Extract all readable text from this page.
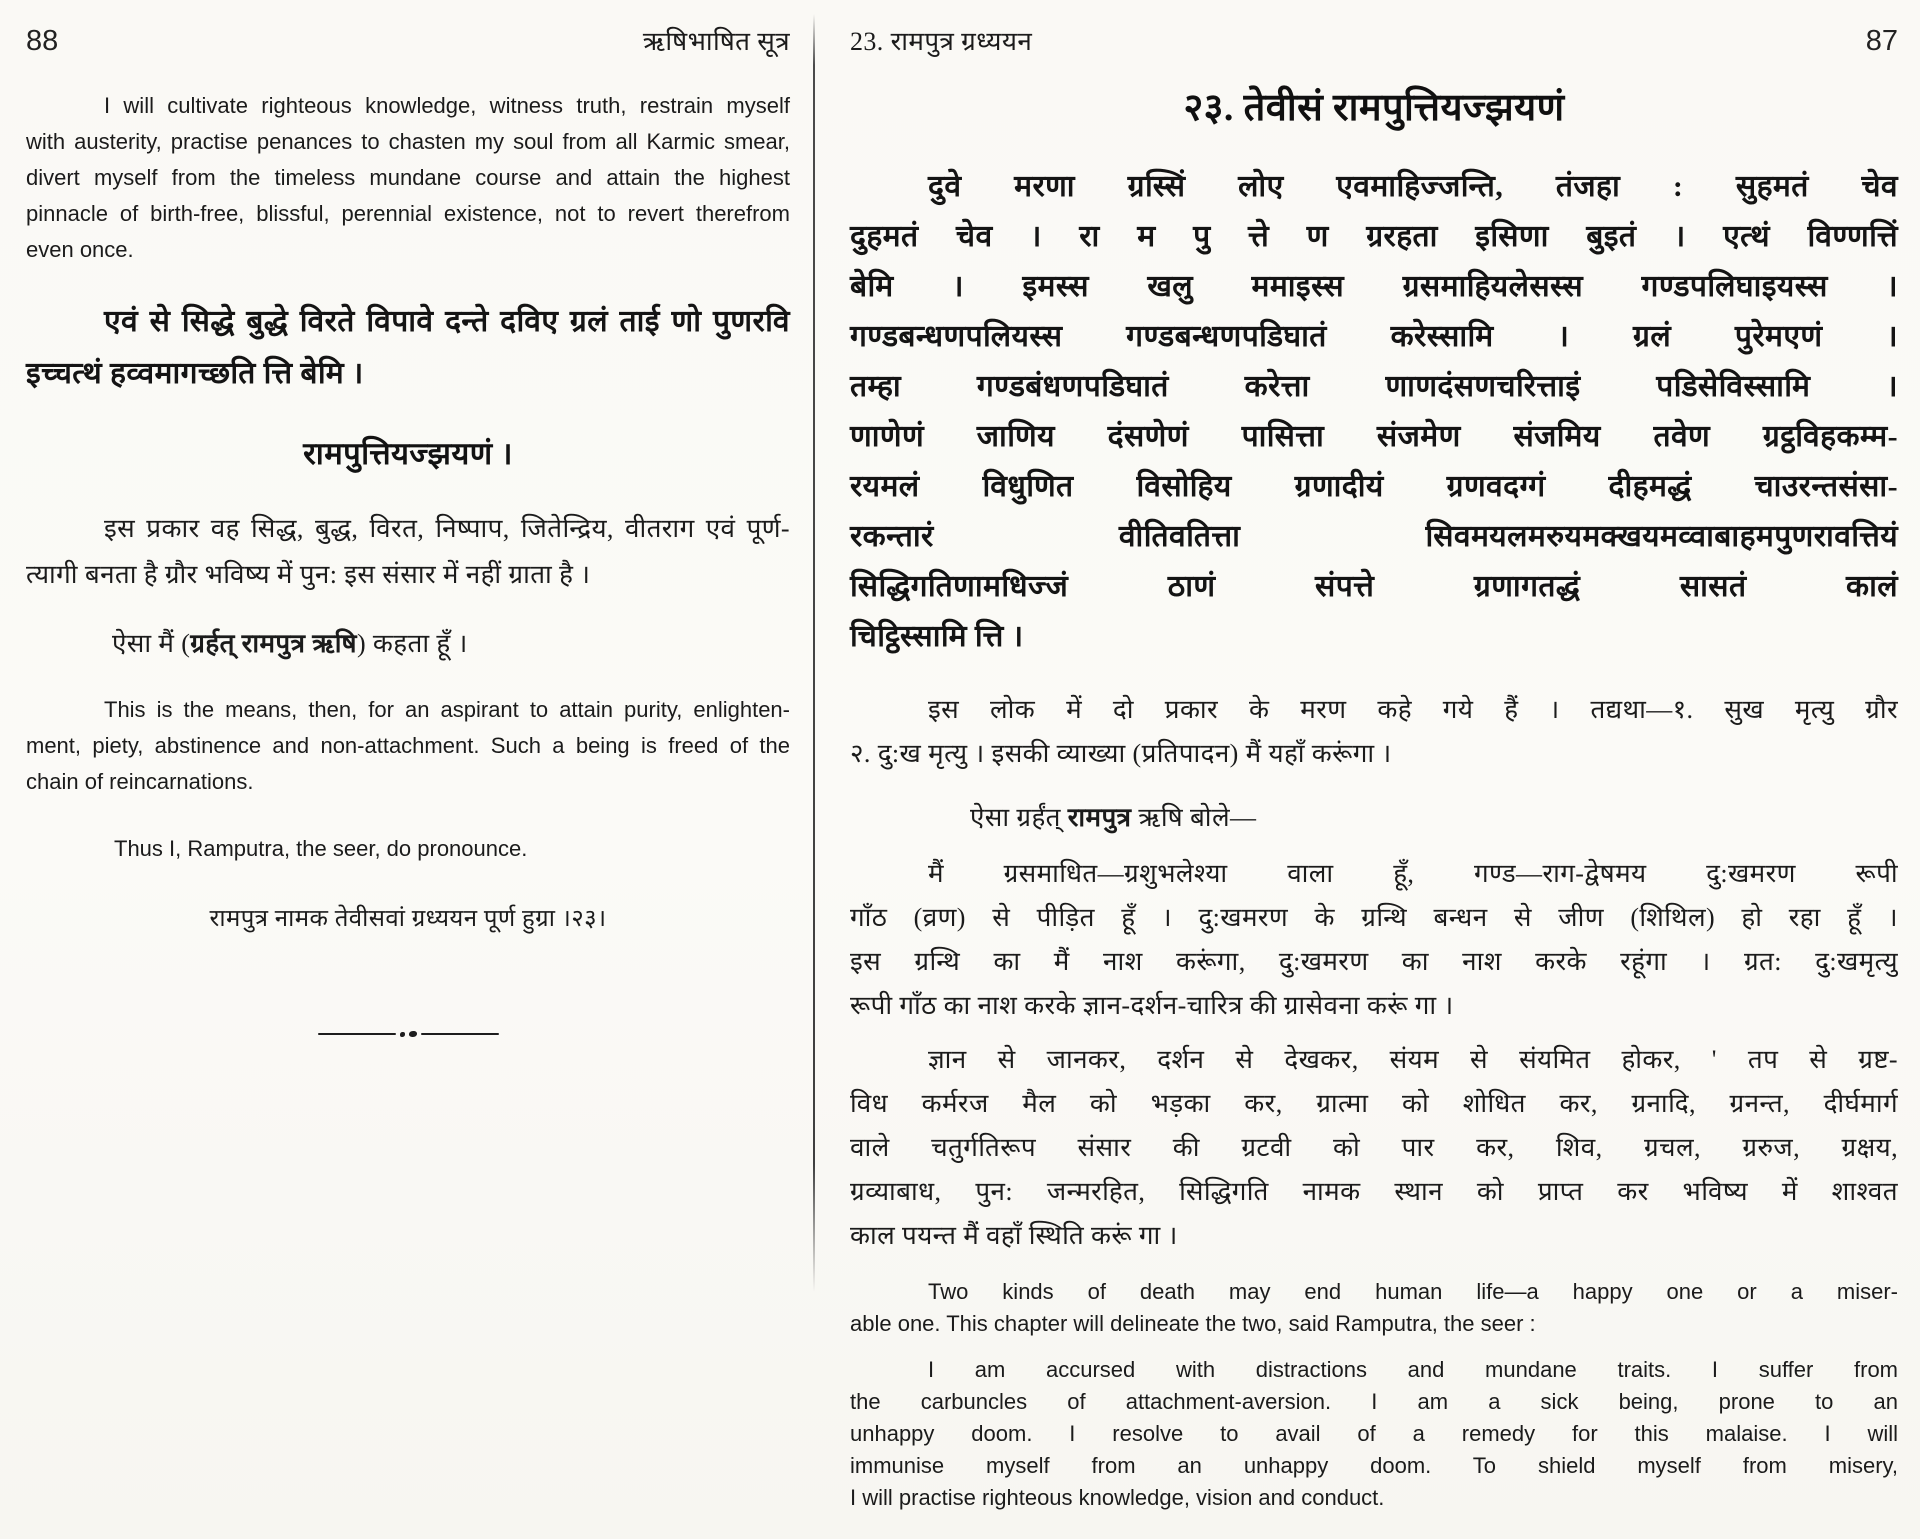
88	ऋषिभाषित सूत्र
I will cultivate righteous knowledge, witness truth, restrain myself
with austerity, practise penances to chasten my soul from all Karmic smear,
divert myself from the timeless mundane course and attain the highest
pinnacle of birth-free, blissful, perennial existence, not to revert therefrom
even once.
एवं से सिद्धे बुद्धे विरते विपावे दन्ते दविए ग्रलं ताई णो पुणरवि
इच्चत्थं हव्वमागच्छति त्ति बेमि ।
रामपुत्तियज्झयणं ।
इस प्रकार वह सिद्ध, बुद्ध, विरत, निष्पाप, जितेन्द्रिय, वीतराग एवं पूर्ण-
त्यागी बनता है ग्रौर भविष्य में पुन: इस संसार में नहीं ग्राता है ।

ऐसा मैं (ग्रर्हत् रामपुत्र ऋषि) कहता हूँ ।

This is the means, then, for an aspirant to attain purity, enlighten-
ment, piety, abstinence and non-attachment. Such a being is freed of the
chain of reincarnations.

Thus I, Ramputra, the seer, do pronounce.

रामपुत्र नामक तेवीसवां ग्रध्ययन पूर्ण हुग्रा ।२३।

23. रामपुत्र ग्रध्ययन	87
२३. तेवीसं रामपुत्तियज्झयणं
दुवे मरणा ग्रस्सिं लोए एवमाहिज्जन्ति, तंजहा : सुहमतं चेव
दुहमतं चेव । रा म पु त्ते ण ग्ररहता इसिणा बुइतं । एत्थं विण्णत्तिं
बेमि । इमस्स खलु ममाइस्स ग्रसमाहियलेसस्स गण्डपलिघाइयस्स ।
गण्डबन्धणपलियस्स गण्डबन्धणपडिघातं करेस्सामि । ग्रलं पुरेमएणं ।
तम्हा गण्डबंधणपडिघातं करेत्ता णाणदंसणचरित्ताइं पडिसेविस्सामि ।
णाणेणं जाणिय दंसणेणं पासित्ता संजमेण संजमिय तवेण ग्रट्ठविहकम्म-
रयमलं विधुणित विसोहिय ग्रणादीयं ग्रणवदग्गं दीहमद्धं चाउरन्तसंसा-
रकन्तारं वीतिवतित्ता सिवमयलमरुयमक्खयमव्वाबाहमपुणरावत्तियं
सिद्धिगतिणामधिज्जं ठाणं संपत्ते ग्रणागतद्धं सासतं कालं
चिट्ठिस्सामि त्ति ।
इस लोक में दो प्रकार के मरण कहे गये हैं । तद्यथा—१. सुख मृत्यु ग्रौर
२. दु:ख मृत्यु । इसकी व्याख्या (प्रतिपादन) मैं यहाँ करूंगा ।

ऐसा ग्रर्हंत् रामपुत्र ऋषि बोले—

मैं ग्रसमाधित—ग्रशुभलेश्या वाला हूँ, गण्ड—राग-द्वेषमय दु:खमरण रूपी
गाँठ (व्रण) से पीड़ित हूँ । दु:खमरण के ग्रन्थि बन्धन से जीण (शिथिल) हो रहा हूँ ।
इस ग्रन्थि का मैं नाश करूंगा, दु:खमरण का नाश करके रहूंगा । ग्रत: दु:खमृत्यु
रूपी गाँठ का नाश करके ज्ञान-दर्शन-चारित्र की ग्रासेवना करूं गा ।
ज्ञान से जानकर, दर्शन से देखकर, संयम से संयमित होकर, ' तप से ग्रष्ट-
विध कर्मरज मैल को भड़का कर, ग्रात्मा को शोधित कर, ग्रनादि, ग्रनन्त, दीर्घमार्ग
वाले चतुर्गतिरूप संसार की ग्रटवी को पार कर, शिव, ग्रचल, ग्ररुज, ग्रक्षय,
ग्रव्याबाध, पुन: जन्मरहित, सिद्धिगति नामक स्थान को प्राप्त कर भविष्य में शाश्वत
काल पयन्त मैं वहाँ स्थिति करूं गा ।
Two kinds of death may end human life—a happy one or a miser-
able one. This chapter will delineate the two, said Ramputra, the seer :
I am accursed with distractions and mundane traits. I suffer from
the carbuncles of attachment-aversion. I am a sick being, prone to an
unhappy doom. I resolve to avail of a remedy for this malaise. I will
immunise myself from an unhappy doom. To shield myself from misery,
I will practise righteous knowledge, vision and conduct.
